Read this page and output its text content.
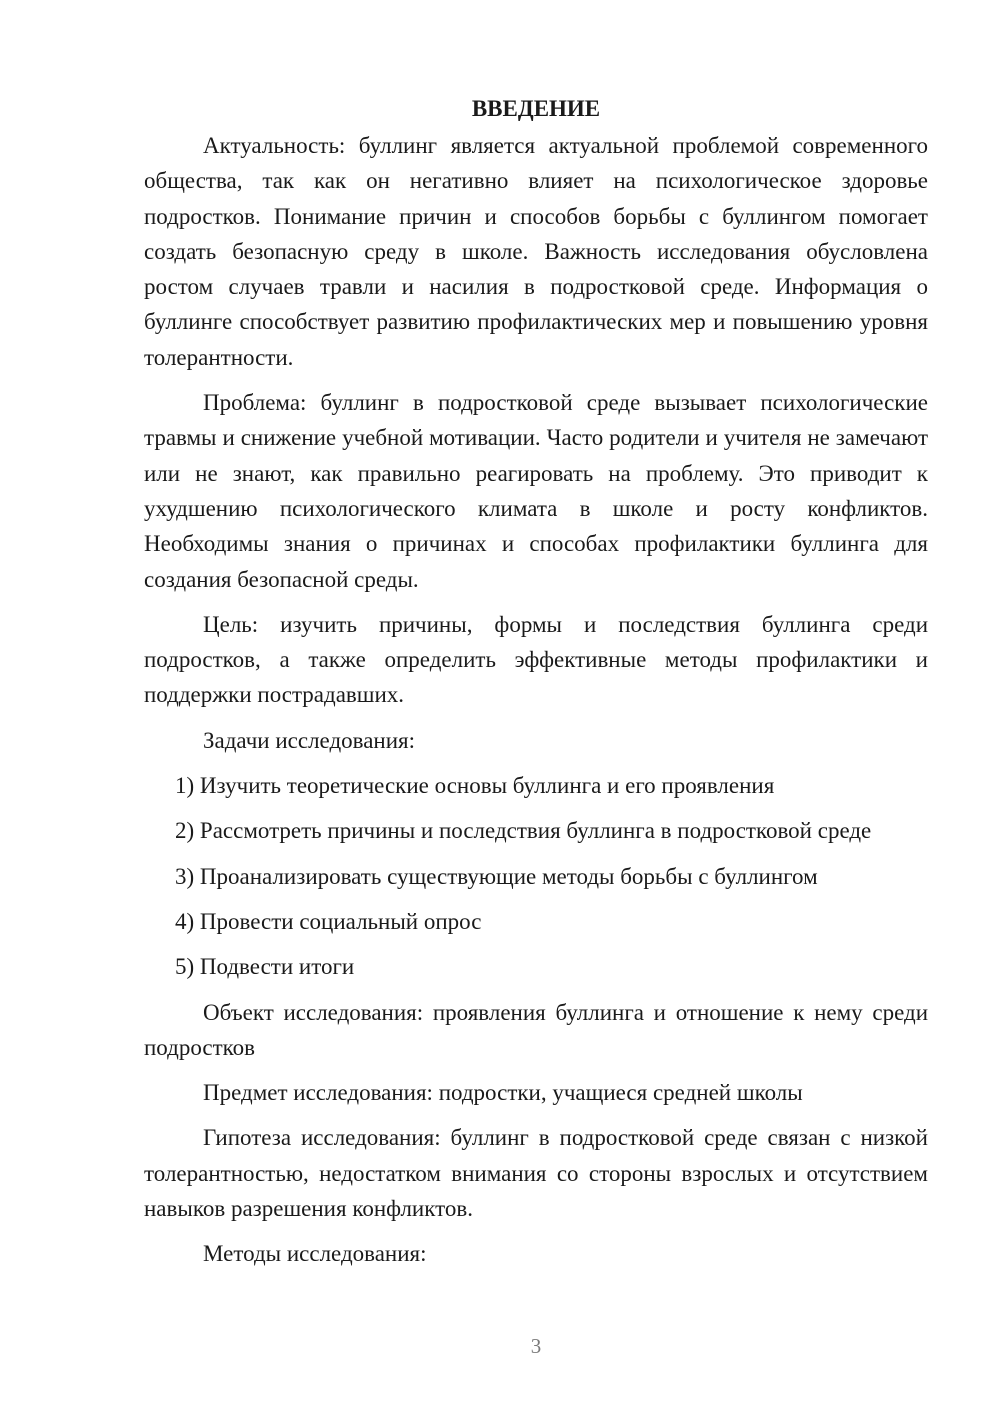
ВВЕДЕНИЕ

Актуальность: буллинг является актуальной проблемой современного общества, так как он негативно влияет на психологическое здоровье подростков. Понимание причин и способов борьбы с буллингом помогает создать безопасную среду в школе. Важность исследования обусловлена ростом случаев травли и насилия в подростковой среде. Информация о буллинге способствует развитию профилактических мер и повышению уровня толерантности.

Проблема: буллинг в подростковой среде вызывает психологические травмы и снижение учебной мотивации. Часто родители и учителя не замечают или не знают, как правильно реагировать на проблему. Это приводит к ухудшению психологического климата в школе и росту конфликтов. Необходимы знания о причинах и способах профилактики буллинга для создания безопасной среды.

Цель: изучить причины, формы и последствия буллинга среди подростков, а также определить эффективные методы профилактики и поддержки пострадавших.

Задачи исследования:

1) Изучить теоретические основы буллинга и его проявления

2) Рассмотреть причины и последствия буллинга в подростковой среде

3) Проанализировать существующие методы борьбы с буллингом

4) Провести социальный опрос

5) Подвести итоги

Объект исследования: проявления буллинга и отношение к нему среди подростков

Предмет исследования: подростки, учащиеся средней школы

Гипотеза исследования: буллинг в подростковой среде связан с низкой толерантностью, недостатком внимания со стороны взрослых и отсутствием навыков разрешения конфликтов.

Методы исследования:

3
